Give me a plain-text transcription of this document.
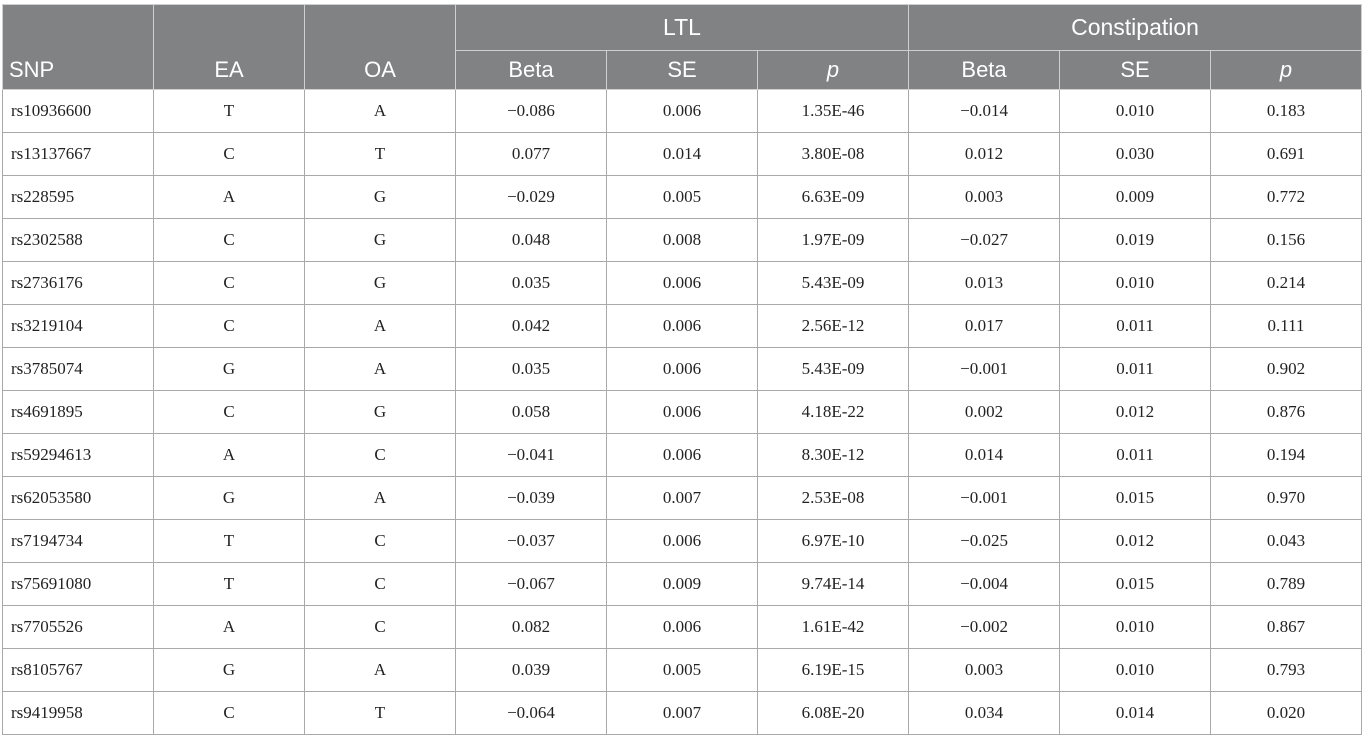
SNP	EA	OA	LTL			Constipation		
			Beta	SE	p	Beta	SE	p
rs10936600	T	A	−0.086	0.006	1.35E-46	−0.014	0.010	0.183
rs13137667	C	T	0.077	0.014	3.80E-08	0.012	0.030	0.691
rs228595	A	G	−0.029	0.005	6.63E-09	0.003	0.009	0.772
rs2302588	C	G	0.048	0.008	1.97E-09	−0.027	0.019	0.156
rs2736176	C	G	0.035	0.006	5.43E-09	0.013	0.010	0.214
rs3219104	C	A	0.042	0.006	2.56E-12	0.017	0.011	0.111
rs3785074	G	A	0.035	0.006	5.43E-09	−0.001	0.011	0.902
rs4691895	C	G	0.058	0.006	4.18E-22	0.002	0.012	0.876
rs59294613	A	C	−0.041	0.006	8.30E-12	0.014	0.011	0.194
rs62053580	G	A	−0.039	0.007	2.53E-08	−0.001	0.015	0.970
rs7194734	T	C	−0.037	0.006	6.97E-10	−0.025	0.012	0.043
rs75691080	T	C	−0.067	0.009	9.74E-14	−0.004	0.015	0.789
rs7705526	A	C	0.082	0.006	1.61E-42	−0.002	0.010	0.867
rs8105767	G	A	0.039	0.005	6.19E-15	0.003	0.010	0.793
rs9419958	C	T	−0.064	0.007	6.08E-20	0.034	0.014	0.020
